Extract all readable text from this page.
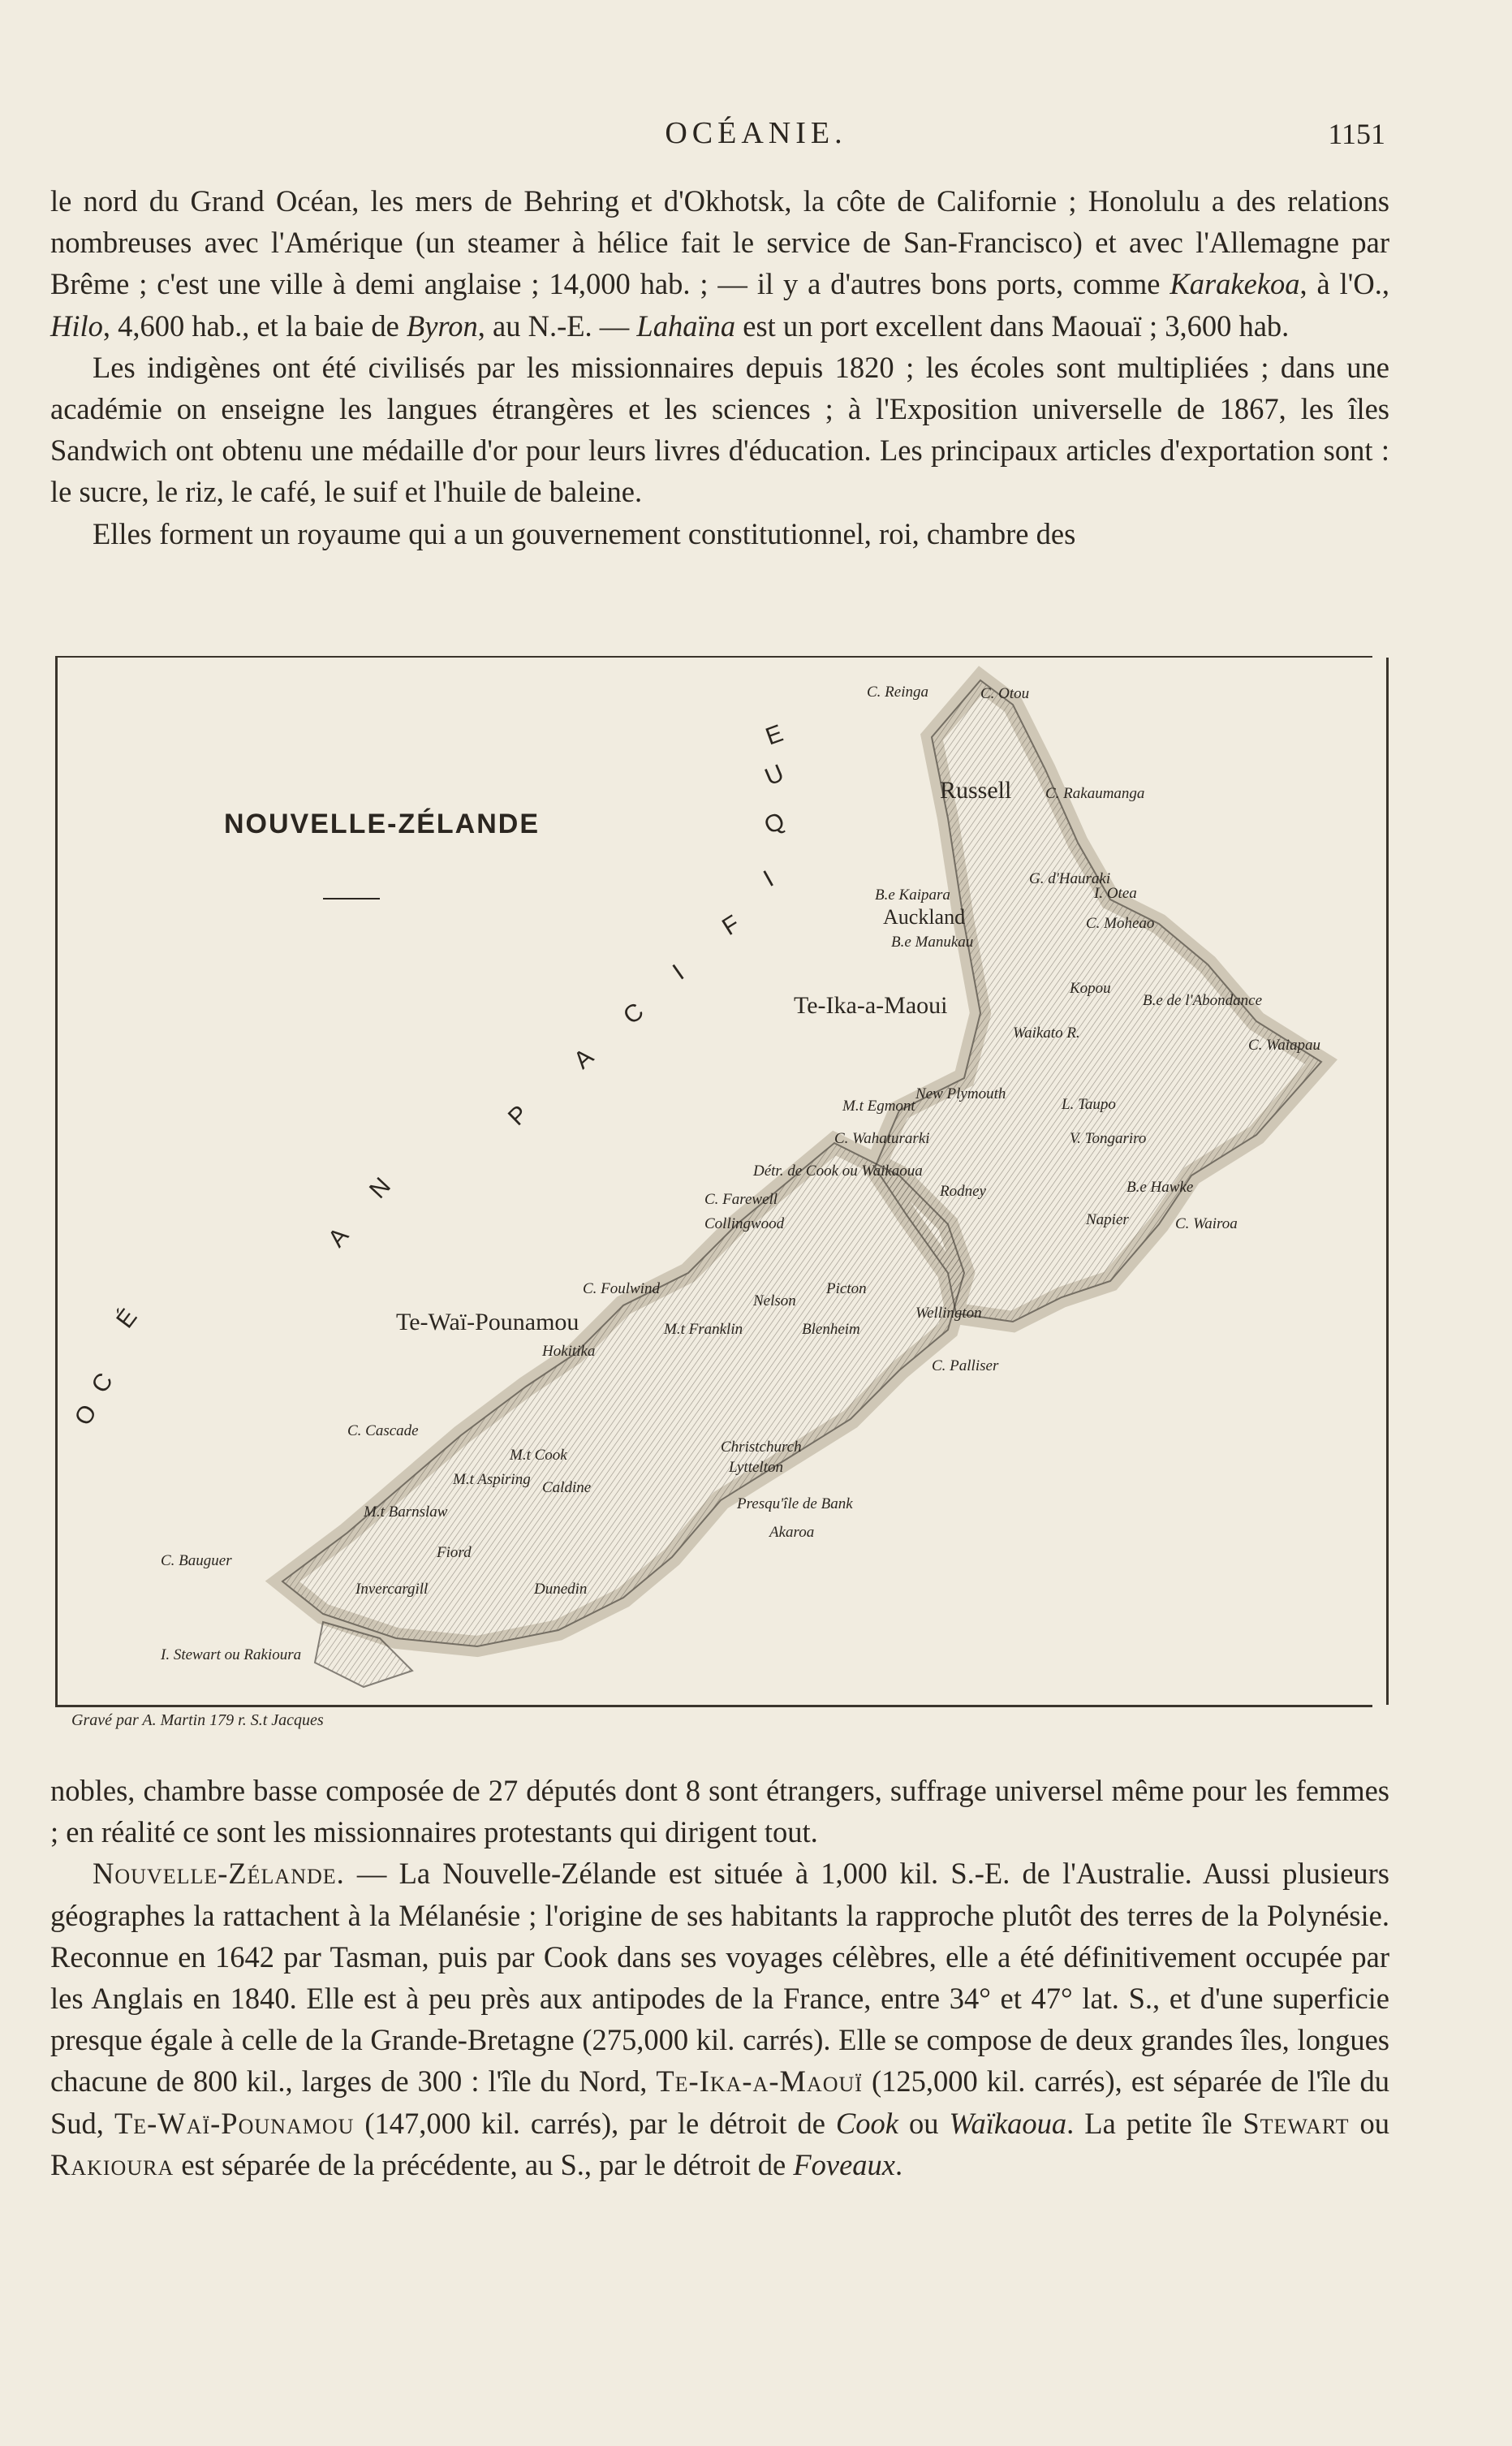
OCÉANIE.	1151

le nord du Grand Océan, les mers de Behring et d'Okhotsk, la côte de Californie ; Honolulu a des relations nombreuses avec l'Amérique (un steamer à hélice fait le service de San-Francisco) et avec l'Allemagne par Brême ; c'est une ville à demi anglaise ; 14,000 hab. ; — il y a d'autres bons ports, comme Karakekoa, à l'O., Hilo, 4,600 hab., et la baie de Byron, au N.-E. — Lahaïna est un port excellent dans Maouaï ; 3,600 hab.

Les indigènes ont été civilisés par les missionnaires depuis 1820 ; les écoles sont multipliées ; dans une académie on enseigne les langues étrangères et les sciences ; à l'Exposition universelle de 1867, les îles Sandwich ont obtenu une médaille d'or pour leurs livres d'éducation. Les principaux articles d'exportation sont : le sucre, le riz, le café, le suif et l'huile de baleine.

Elles forment un royaume qui a un gouvernement constitutionnel, roi, chambre des

E
U
Q
I
F
I
C
A
P
N
A
É
C
O
C. Reinga	C. Otou
Russell C. Rakaumanga
B.e Kaipara
Auckland
B.e Manukau
G. d'Hauraki
I. Otea
C. Moheao
Kopou
B.e de l'Abondance
Te-Ika-a-Maoui
Waikato R.
C. Waiapau
New Plymouth
M.t Egmont	L. Taupo
C. Wahaturarki	V. Tongariro
B.e Hawke
Napier	C. Wairoa
C. Farewell
Collingwood
Détr. de Cook ou Waikaoua
Rodney
C. Foulwind
Nelson
Picton
Wellington
Te-Waï-Pounamou	M.t Franklin	Blenheim
C. Palliser
Hokitika
C. Cascade
M.t Cook	Christchurch
Lyttelton
M.t Aspiring Caldine
Presqu'île de Bank
Akaroa
M.t Barnslaw
C. Bauguer
Invercargill	Dunedin
I. Stewart ou Rakioura
Fiord
NOUVELLE-ZÉLANDE
Gravé par A. Martin 179 r. S.t Jacques

nobles, chambre basse composée de 27 députés dont 8 sont étrangers, suffrage universel même pour les femmes ; en réalité ce sont les missionnaires protestants qui dirigent tout.

Nouvelle-Zélande. — La Nouvelle-Zélande est située à 1,000 kil. S.-E. de l'Australie. Aussi plusieurs géographes la rattachent à la Mélanésie ; l'origine de ses habitants la rapproche plutôt des terres de la Polynésie. Reconnue en 1642 par Tasman, puis par Cook dans ses voyages célèbres, elle a été définitivement occupée par les Anglais en 1840. Elle est à peu près aux antipodes de la France, entre 34° et 47° lat. S., et d'une superficie presque égale à celle de la Grande-Bretagne (275,000 kil. carrés). Elle se compose de deux grandes îles, longues chacune de 800 kil., larges de 300 : l'île du Nord, Te-Ika-a-Maouï (125,000 kil. carrés), est séparée de l'île du Sud, Te-Waï-Pounamou (147,000 kil. carrés), par le détroit de Cook ou Waïkaoua. La petite île Stewart ou Rakioura est séparée de la précédente, au S., par le détroit de Foveaux.
